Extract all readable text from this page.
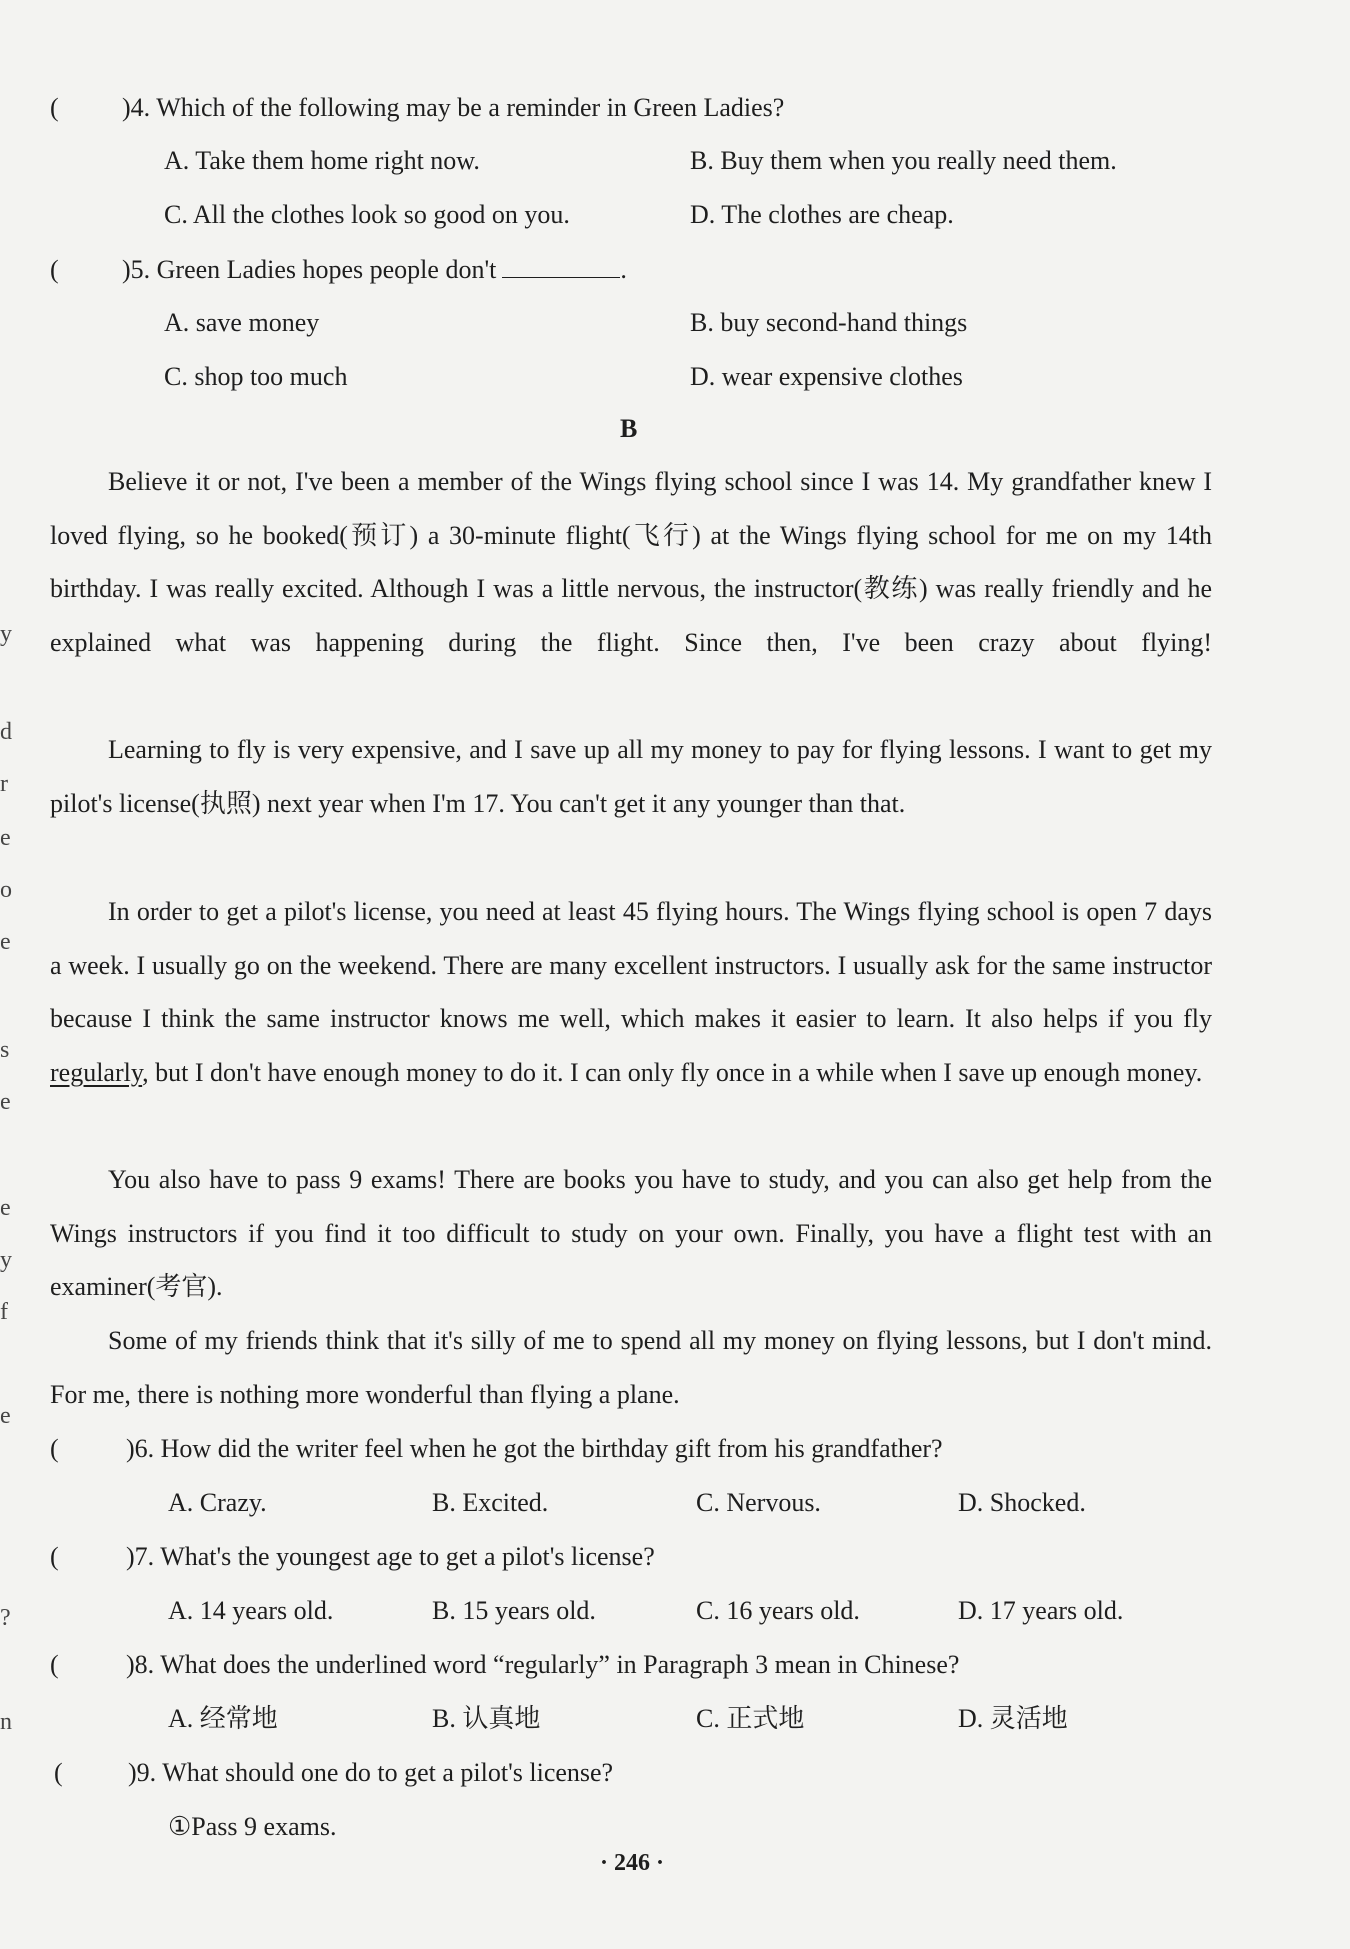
y
d
r
e
o
e
s
e
e
y
f
e
?
n
( )4. Which of the following may be a reminder in Green Ladies?
A. Take them home right now.	B. Buy them when you really need them.
C. All the clothes look so good on you.	D. The clothes are cheap.
( )5. Green Ladies hopes people don't	.
A. save money	B. buy second-hand things
C. shop too much	D. wear expensive clothes
B
Believe it or not, I've been a member of the Wings flying school since I was 14. My grandfather knew I loved flying, so he booked(预订) a 30-minute flight(飞行) at the Wings flying school for me on my 14th birthday. I was really excited. Although I was a little nervous, the instructor(教练) was really friendly and he explained what was happening during the flight. Since then, I've been crazy about flying!
Learning to fly is very expensive, and I save up all my money to pay for flying lessons. I want to get my pilot's license(执照) next year when I'm 17. You can't get it any younger than that.
In order to get a pilot's license, you need at least 45 flying hours. The Wings flying school is open 7 days a week. I usually go on the weekend. There are many excellent instructors. I usually ask for the same instructor because I think the same instructor knows me well, which makes it easier to learn. It also helps if you fly regularly, but I don't have enough money to do it. I can only fly once in a while when I save up enough money.
You also have to pass 9 exams! There are books you have to study, and you can also get help from the Wings instructors if you find it too difficult to study on your own. Finally, you have a flight test with an examiner(考官).
Some of my friends think that it's silly of me to spend all my money on flying lessons, but I don't mind. For me, there is nothing more wonderful than flying a plane.
(	)6. How did the writer feel when he got the birthday gift from his grandfather?
A. Crazy.	B. Excited.	C. Nervous.	D. Shocked.
(	)7. What's the youngest age to get a pilot's license?
A. 14 years old.	B. 15 years old.	C. 16 years old.	D. 17 years old.
(	)8. What does the underlined word “regularly” in Paragraph 3 mean in Chinese?
A. 经常地	B. 认真地	C. 正式地	D. 灵活地
(	)9. What should one do to get a pilot's license?
①Pass 9 exams.
· 246 ·
